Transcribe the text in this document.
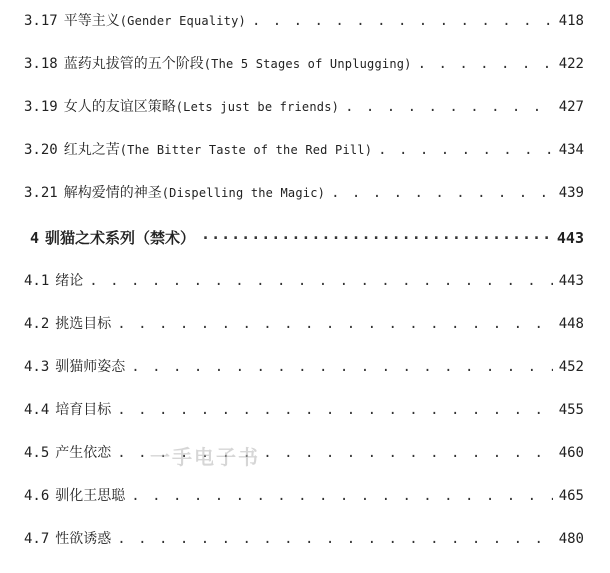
3.17 平等主义(Gender Equality) . . .	418
3.18 蓝药丸拔管的五个阶段(The 5 Stages of Unplugging) . . .	422
3.19 女人的友谊区策略(Lets just be friends) . . .	427
3.20 红丸之苦(The Bitter Taste of the Red Pill) . . .	434
3.21 解构爱情的神圣(Dispelling the Magic) . . .	439
4 驯猫之术系列（禁术） ·····	443
4.1 绪论 . . .	443
4.2 挑选目标 . . .	448
4.3 驯猫师姿态 . . .	452
4.4 培育目标 . . .	455
4.5 产生依恋 . . .	460
4.6 驯化王思聪 . . .	465
4.7 性欲诱惑 . . .	480
一手电子书
